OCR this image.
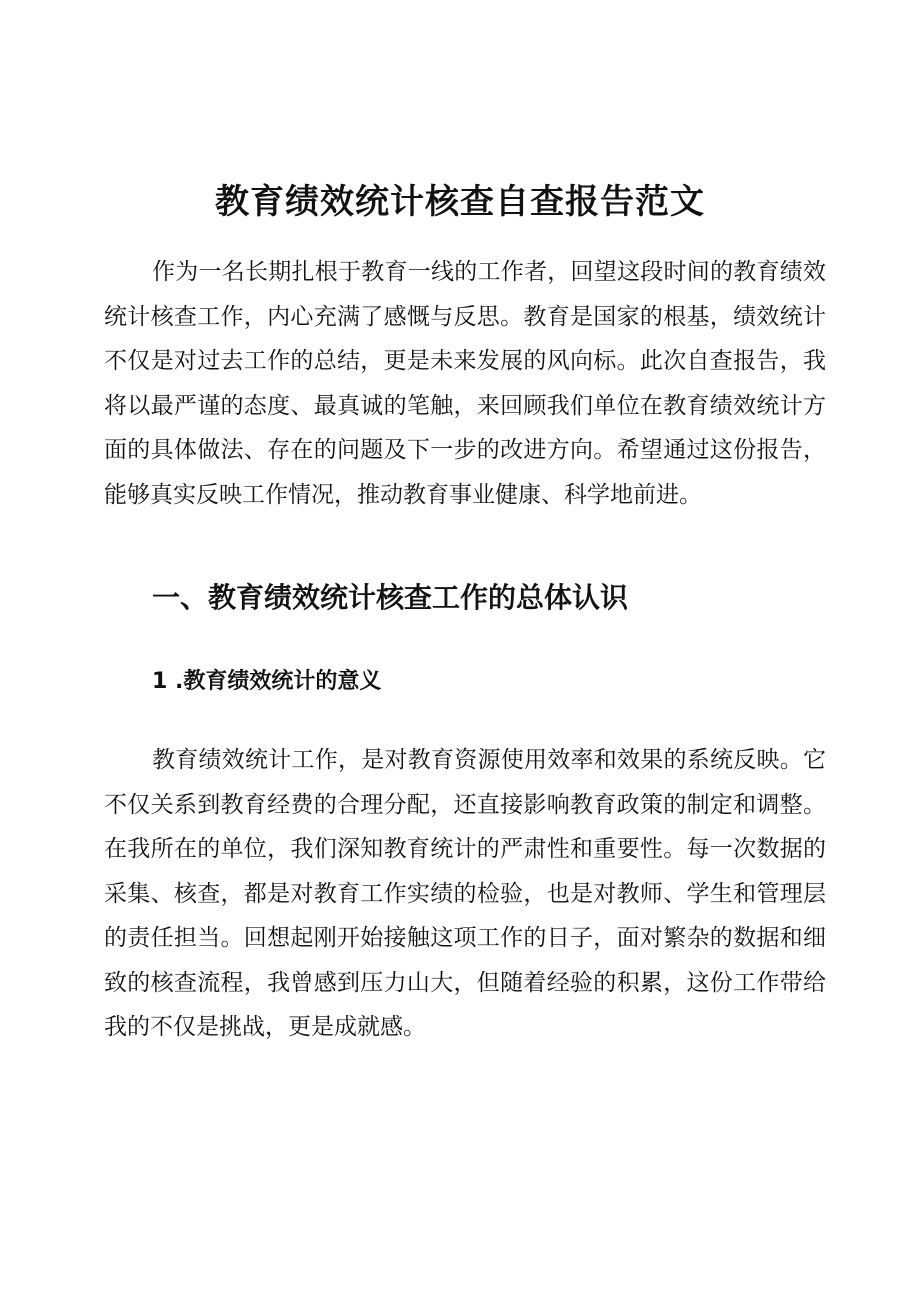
教育绩效统计核查自查报告范文

作为一名长期扎根于教育一线的工作者，回望这段时间的教育绩效统计核查工作，内心充满了感慨与反思。教育是国家的根基，绩效统计不仅是对过去工作的总结，更是未来发展的风向标。此次自查报告，我将以最严谨的态度、最真诚的笔触，来回顾我们单位在教育绩效统计方面的具体做法、存在的问题及下一步的改进方向。希望通过这份报告，能够真实反映工作情况，推动教育事业健康、科学地前进。

一、教育绩效统计核查工作的总体认识
1 .教育绩效统计的意义

教育绩效统计工作，是对教育资源使用效率和效果的系统反映。它不仅关系到教育经费的合理分配，还直接影响教育政策的制定和调整。在我所在的单位，我们深知教育统计的严肃性和重要性。每一次数据的采集、核查，都是对教育工作实绩的检验，也是对教师、学生和管理层的责任担当。回想起刚开始接触这项工作的日子，面对繁杂的数据和细致的核查流程，我曾感到压力山大，但随着经验的积累，这份工作带给我的不仅是挑战，更是成就感。
